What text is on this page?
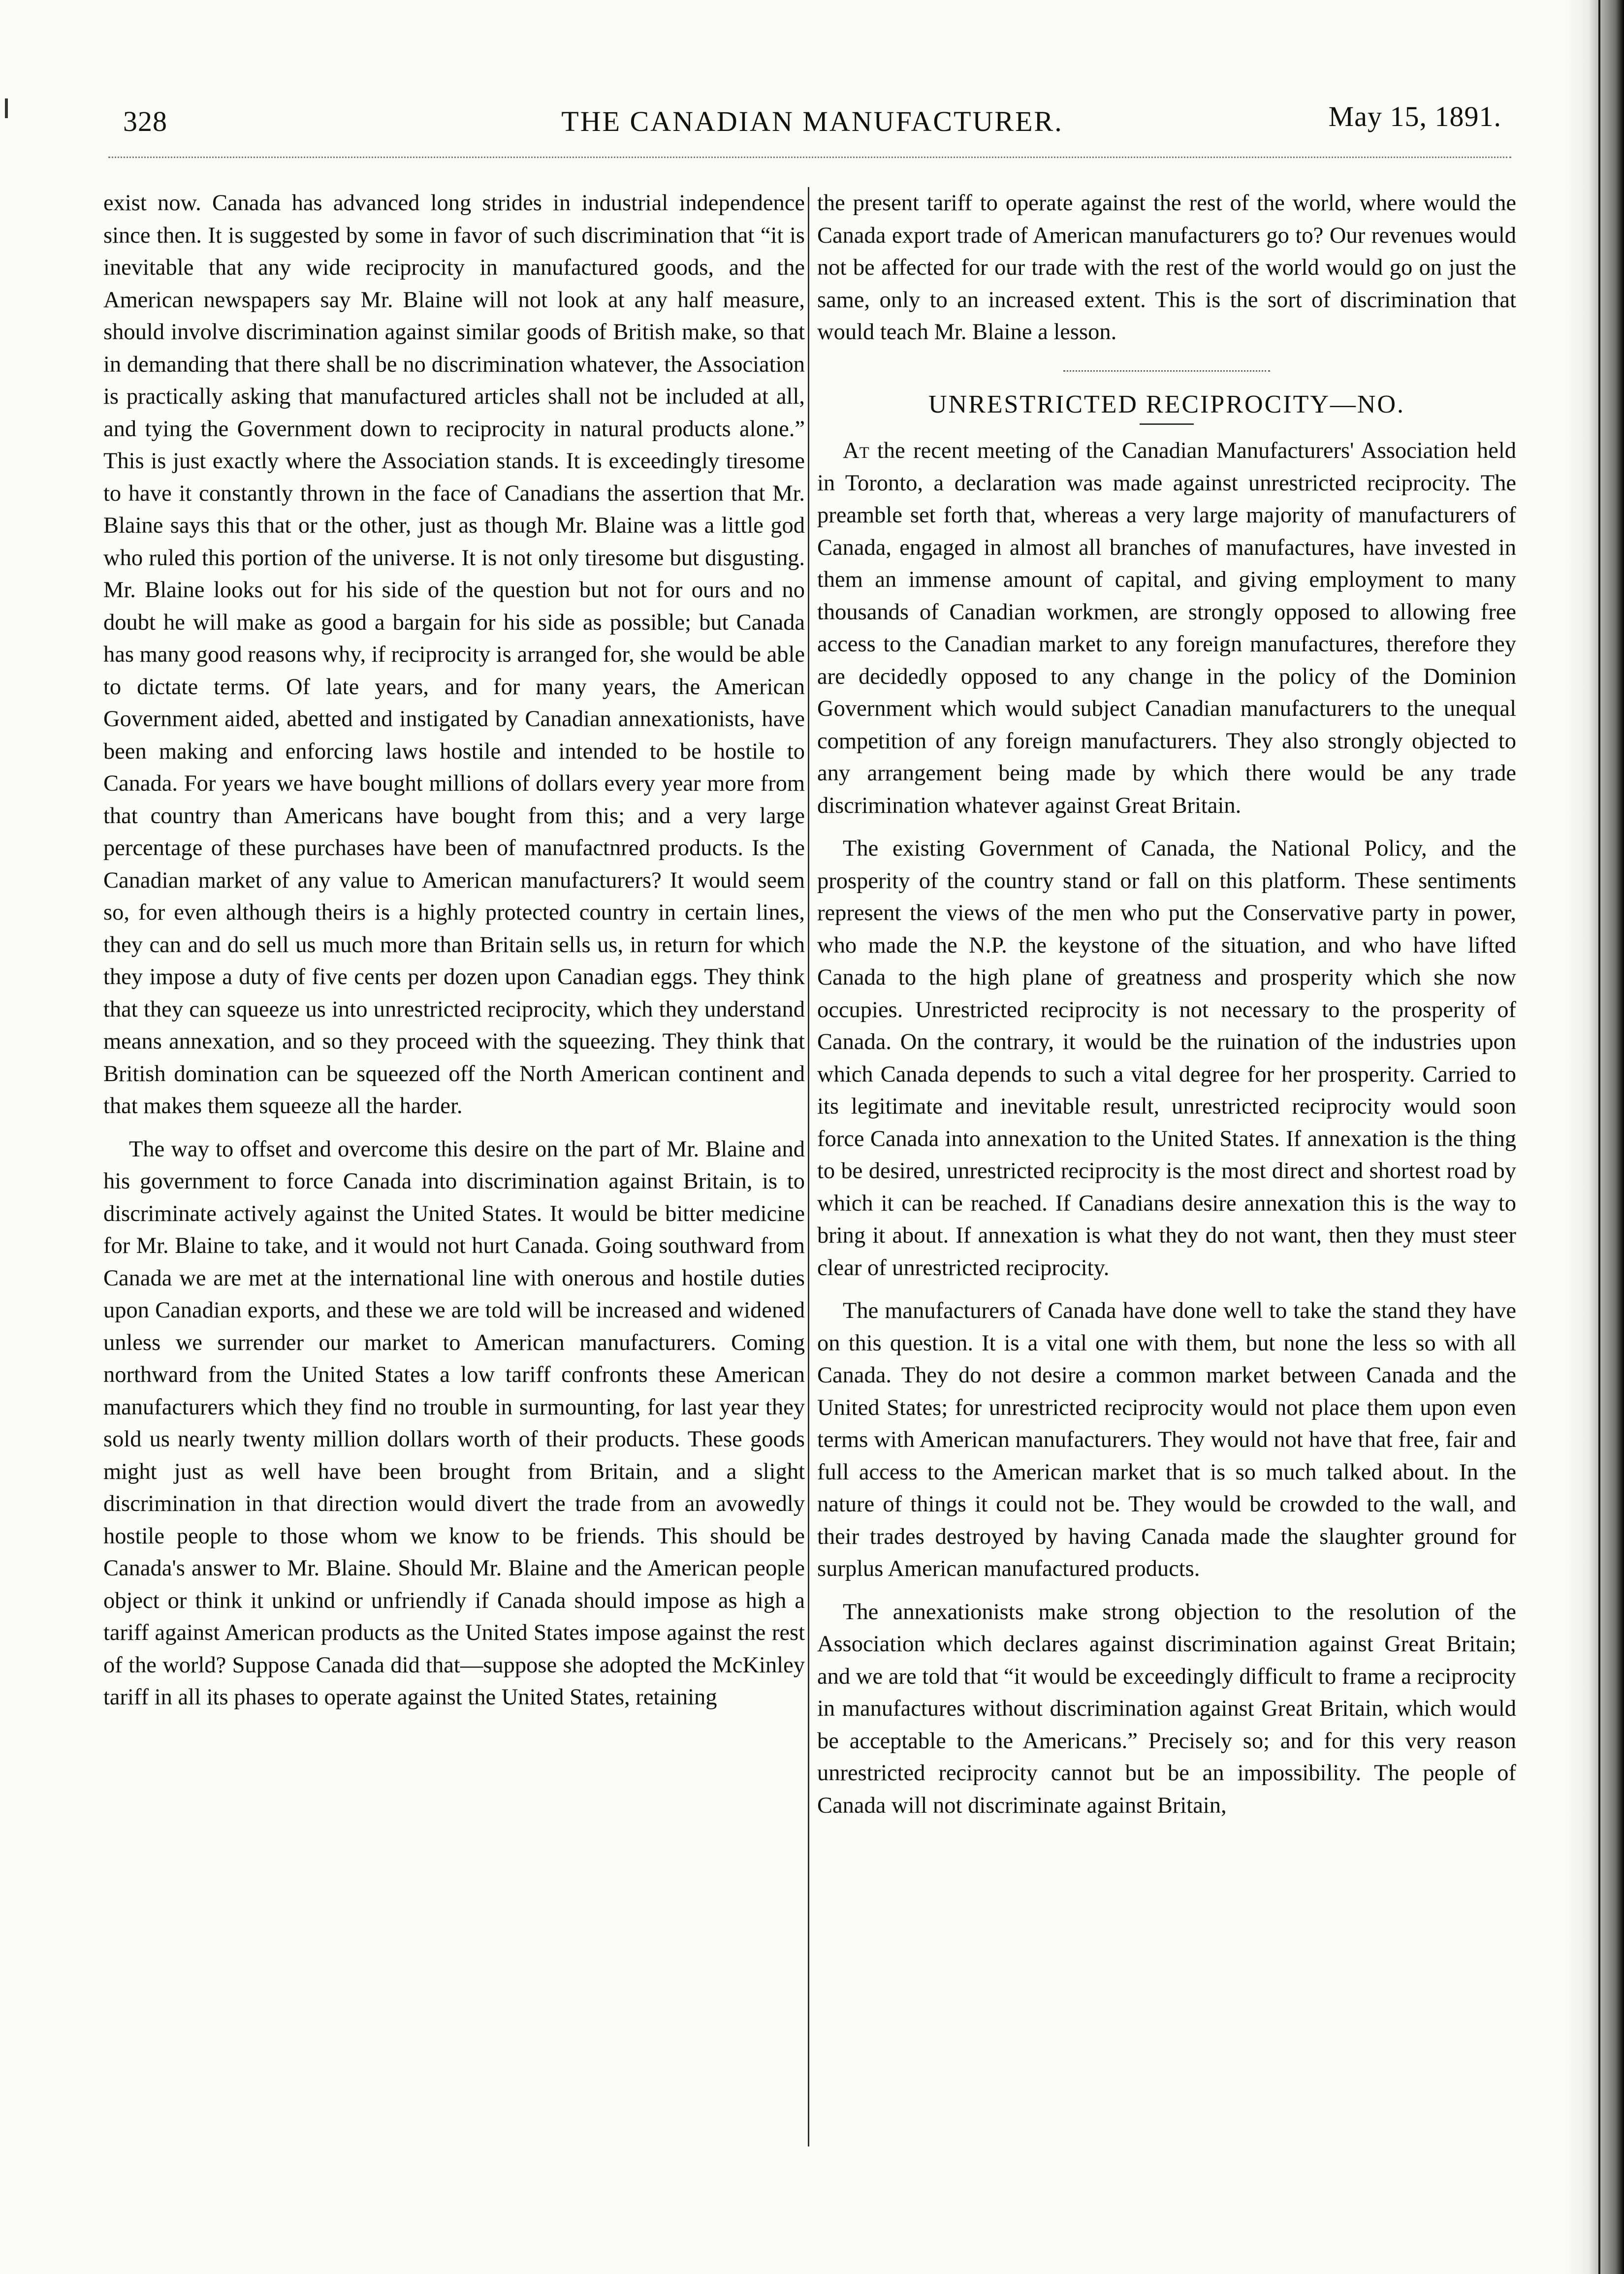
328	THE CANADIAN MANUFACTURER.	May 15, 1891.

exist now. Canada has advanced long strides in industrial independence since then. It is suggested by some in favor of such discrimination that “it is inevitable that any wide reciprocity in manufactured goods, and the American newspapers say Mr. Blaine will not look at any half measure, should involve discrimination against similar goods of British make, so that in demanding that there shall be no discrimination whatever, the Association is practically asking that manufactured articles shall not be included at all, and tying the Government down to reciprocity in natural products alone.” This is just exactly where the Association stands. It is exceedingly tiresome to have it constantly thrown in the face of Canadians the assertion that Mr. Blaine says this that or the other, just as though Mr. Blaine was a little god who ruled this portion of the universe. It is not only tiresome but disgusting. Mr. Blaine looks out for his side of the question but not for ours and no doubt he will make as good a bargain for his side as possible; but Canada has many good reasons why, if reciprocity is arranged for, she would be able to dictate terms. Of late years, and for many years, the American Government aided, abetted and instigated by Canadian annexationists, have been making and enforcing laws hostile and intended to be hostile to Canada. For years we have bought millions of dollars every year more from that country than Americans have bought from this; and a very large percentage of these purchases have been of manufactnred products. Is the Canadian market of any value to American manufacturers? It would seem so, for even although theirs is a highly protected country in certain lines, they can and do sell us much more than Britain sells us, in return for which they impose a duty of five cents per dozen upon Canadian eggs. They think that they can squeeze us into unrestricted reciprocity, which they understand means annexation, and so they proceed with the squeezing. They think that British domination can be squeezed off the North American continent and that makes them squeeze all the harder.

The way to offset and overcome this desire on the part of Mr. Blaine and his government to force Canada into discrimination against Britain, is to discriminate actively against the United States. It would be bitter medicine for Mr. Blaine to take, and it would not hurt Canada. Going southward from Canada we are met at the international line with onerous and hostile duties upon Canadian exports, and these we are told will be increased and widened unless we surrender our market to American manufacturers. Coming northward from the United States a low tariff confronts these American manufacturers which they find no trouble in surmounting, for last year they sold us nearly twenty million dollars worth of their products. These goods might just as well have been brought from Britain, and a slight discrimination in that direction would divert the trade from an avowedly hostile people to those whom we know to be friends. This should be Canada's answer to Mr. Blaine. Should Mr. Blaine and the American people object or think it unkind or unfriendly if Canada should impose as high a tariff against American products as the United States impose against the rest of the world? Suppose Canada did that—suppose she adopted the McKinley tariff in all its phases to operate against the United States, retaining

the present tariff to operate against the rest of the world, where would the Canada export trade of American manufacturers go to? Our revenues would not be affected for our trade with the rest of the world would go on just the same, only to an increased extent. This is the sort of discrimination that would teach Mr. Blaine a lesson.

UNRESTRICTED RECIPROCITY—NO.

At the recent meeting of the Canadian Manufacturers' Association held in Toronto, a declaration was made against unrestricted reciprocity. The preamble set forth that, whereas a very large majority of manufacturers of Canada, engaged in almost all branches of manufactures, have invested in them an immense amount of capital, and giving employment to many thousands of Canadian workmen, are strongly opposed to allowing free access to the Canadian market to any foreign manufactures, therefore they are decidedly opposed to any change in the policy of the Dominion Government which would subject Canadian manufacturers to the unequal competition of any foreign manufacturers. They also strongly objected to any arrangement being made by which there would be any trade discrimination whatever against Great Britain.

The existing Government of Canada, the National Policy, and the prosperity of the country stand or fall on this platform. These sentiments represent the views of the men who put the Conservative party in power, who made the N.P. the keystone of the situation, and who have lifted Canada to the high plane of greatness and prosperity which she now occupies. Unrestricted reciprocity is not necessary to the prosperity of Canada. On the contrary, it would be the ruination of the industries upon which Canada depends to such a vital degree for her prosperity. Carried to its legitimate and inevitable result, unrestricted reciprocity would soon force Canada into annexation to the United States. If annexation is the thing to be desired, unrestricted reciprocity is the most direct and shortest road by which it can be reached. If Canadians desire annexation this is the way to bring it about. If annexation is what they do not want, then they must steer clear of unrestricted reciprocity.

The manufacturers of Canada have done well to take the stand they have on this question. It is a vital one with them, but none the less so with all Canada. They do not desire a common market between Canada and the United States; for unrestricted reciprocity would not place them upon even terms with American manufacturers. They would not have that free, fair and full access to the American market that is so much talked about. In the nature of things it could not be. They would be crowded to the wall, and their trades destroyed by having Canada made the slaughter ground for surplus American manufactured products.

The annexationists make strong objection to the resolution of the Association which declares against discrimination against Great Britain; and we are told that “it would be exceedingly difficult to frame a reciprocity in manufactures without discrimination against Great Britain, which would be acceptable to the Americans.” Precisely so; and for this very reason unrestricted reciprocity cannot but be an impossibility. The people of Canada will not discriminate against Britain,
